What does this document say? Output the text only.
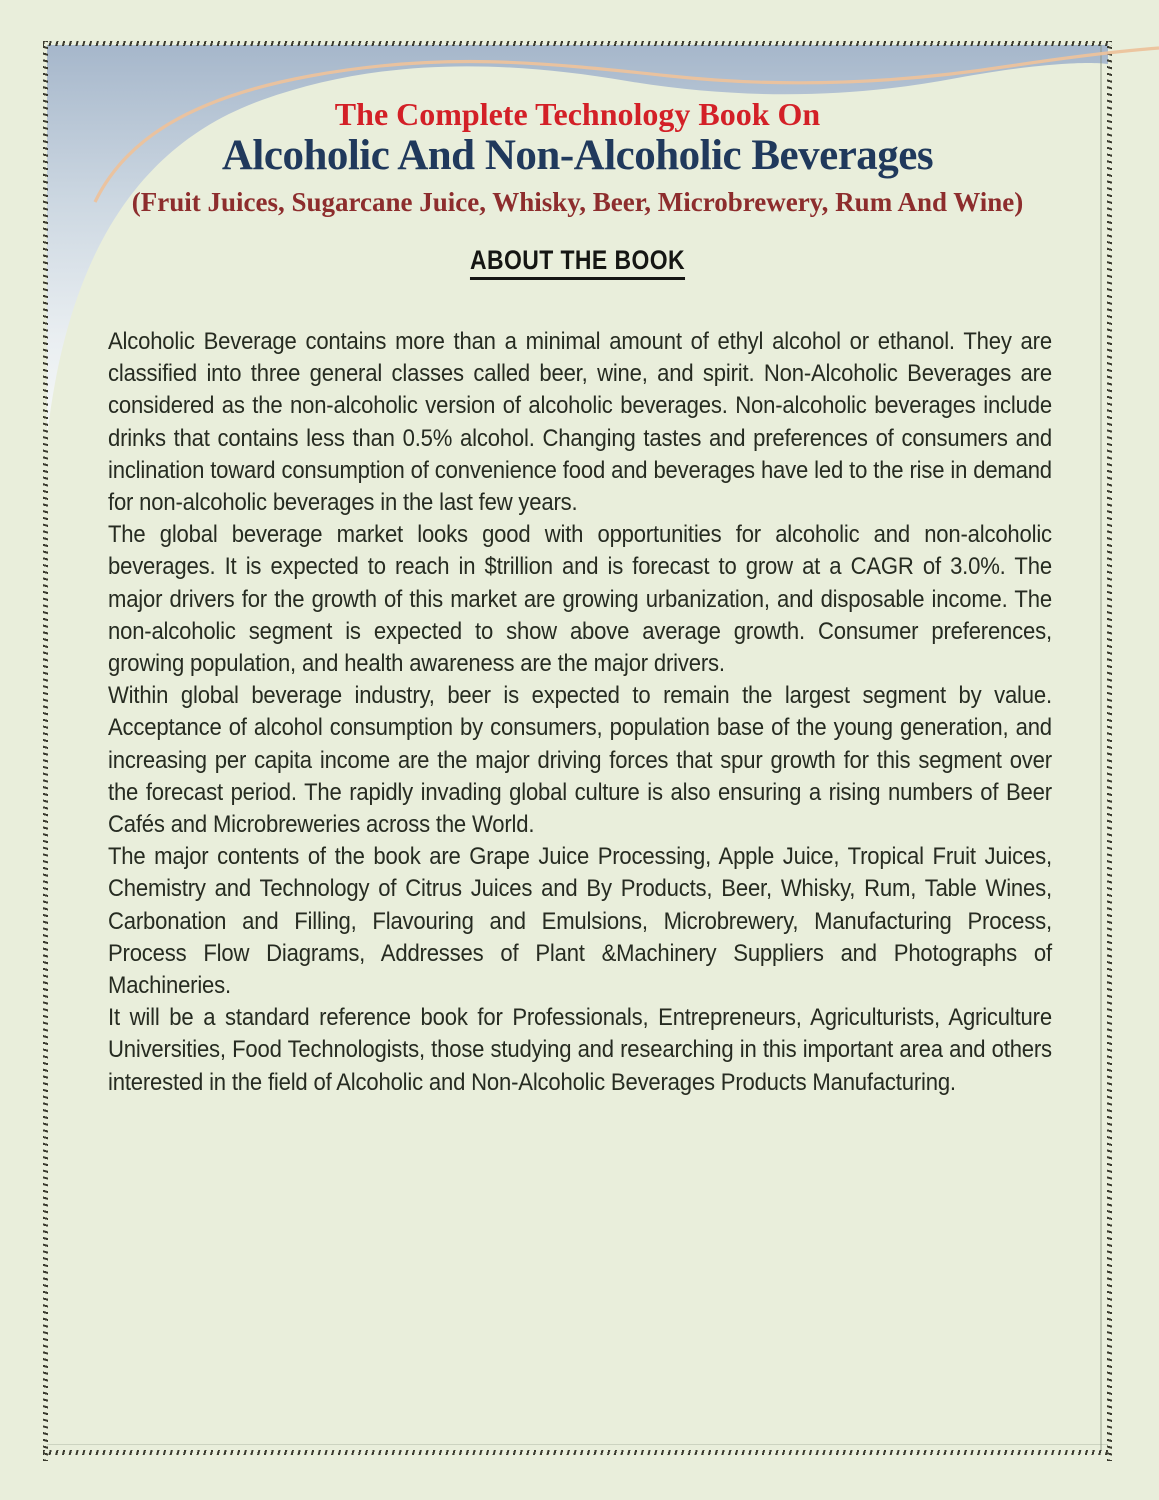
The Complete Technology Book On
Alcoholic And Non-Alcoholic Beverages
(Fruit Juices, Sugarcane Juice, Whisky, Beer, Microbrewery, Rum And Wine)
ABOUT THE BOOK

Alcoholic Beverage contains more than a minimal amount of ethyl alcohol or ethanol. They are classified into three general classes called beer, wine, and spirit. Non-Alcoholic Beverages are considered as the non-alcoholic version of alcoholic beverages. Non-alcoholic beverages include drinks that contains less than 0.5% alcohol. Changing tastes and preferences of consumers and inclination toward consumption of convenience food and beverages have led to the rise in demand for non-alcoholic beverages in the last few years.

The global beverage market looks good with opportunities for alcoholic and non-alcoholic beverages. It is expected to reach in $trillion and is forecast to grow at a CAGR of 3.0%. The major drivers for the growth of this market are growing urbanization, and disposable income. The non-alcoholic segment is expected to show above average growth. Consumer preferences, growing population, and health awareness are the major drivers.

Within global beverage industry, beer is expected to remain the largest segment by value. Acceptance of alcohol consumption by consumers, population base of the young generation, and increasing per capita income are the major driving forces that spur growth for this segment over the forecast period. The rapidly invading global culture is also ensuring a rising numbers of Beer Cafés and Microbreweries across the World.

The major contents of the book are Grape Juice Processing, Apple Juice, Tropical Fruit Juices, Chemistry and Technology of Citrus Juices and By Products, Beer, Whisky, Rum, Table Wines, Carbonation and Filling, Flavouring and Emulsions, Microbrewery, Manufacturing Process, Process Flow Diagrams, Addresses of Plant &Machinery Suppliers and Photographs of Machineries.

It will be a standard reference book for Professionals, Entrepreneurs, Agriculturists, Agriculture Universities, Food Technologists, those studying and researching in this important area and others interested in the field of Alcoholic and Non-Alcoholic Beverages Products Manufacturing.
